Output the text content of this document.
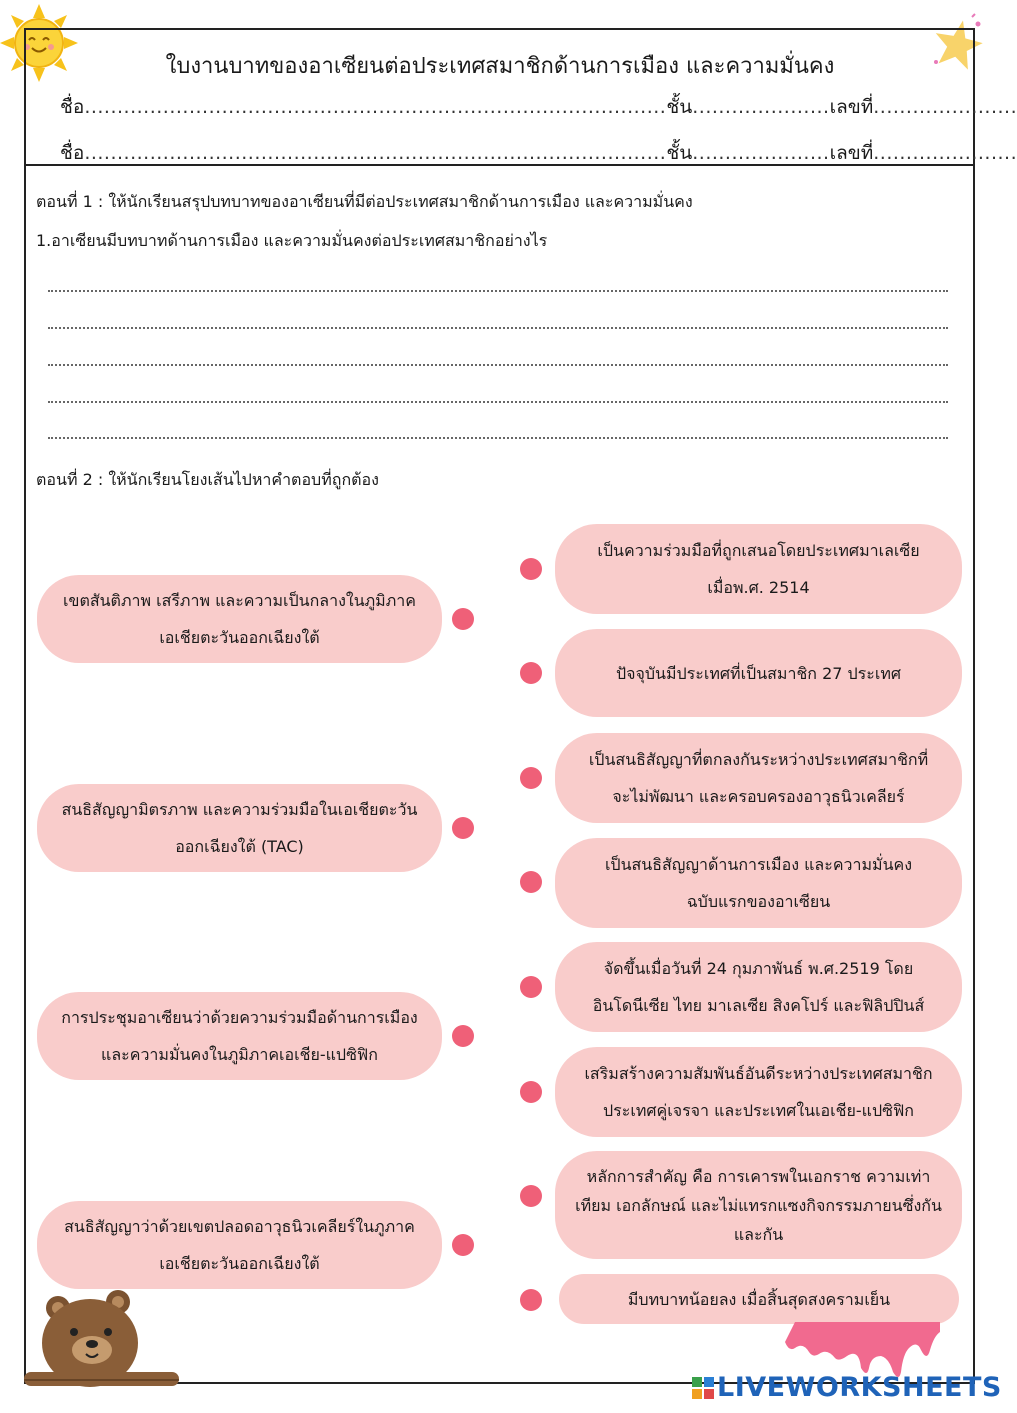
ใบงานบาทของอาเซียนต่อประเทศสมาชิกด้านการเมือง และความมั่นคง
ชื่อ.........................................................................................ชั้น.....................เลขที่......................
ชื่อ.........................................................................................ชั้น.....................เลขที่......................
ตอนที่ 1 : ให้นักเรียนสรุปบทบาทของอาเซียนที่มีต่อประเทศสมาชิกด้านการเมือง และความมั่นคง
1.อาเซียนมีบทบาทด้านการเมือง และความมั่นคงต่อประเทศสมาชิกอย่างไร
ตอนที่ 2 : ให้นักเรียนโยงเส้นไปหาคำตอบที่ถูกต้อง
เขตสันติภาพ เสรีภาพ และความเป็นกลางในภูมิภาค
เอเชียตะวันออกเฉียงใต้
สนธิสัญญามิตรภาพ และความร่วมมือในเอเชียตะวัน
ออกเฉียงใต้ (TAC)
การประชุมอาเซียนว่าด้วยความร่วมมือด้านการเมือง
และความมั่นคงในภูมิภาคเอเชีย-แปซิฟิก
สนธิสัญญาว่าด้วยเขตปลอดอาวุธนิวเคลียร์ในภูภาค
เอเชียตะวันออกเฉียงใต้
เป็นความร่วมมือที่ถูกเสนอโดยประเทศมาเลเซีย
เมื่อพ.ศ. 2514
ปัจจุบันมีประเทศที่เป็นสมาชิก 27 ประเทศ
เป็นสนธิสัญญาที่ตกลงกันระหว่างประเทศสมาชิกที่
จะไม่พัฒนา และครอบครองอาวุธนิวเคลียร์
เป็นสนธิสัญญาด้านการเมือง และความมั่นคง
ฉบับแรกของอาเซียน
จัดขึ้นเมื่อวันที่ 24 กุมภาพันธ์ พ.ศ.2519 โดย
อินโดนีเซีย ไทย มาเลเซีย สิงคโปร์ และฟิลิปปินส์
เสริมสร้างความสัมพันธ์อันดีระหว่างประเทศสมาชิก
ประเทศคู่เจรจา และประเทศในเอเชีย-แปซิฟิก
หลักการสำคัญ คือ การเคารพในเอกราช ความเท่า
เทียม เอกลักษณ์ และไม่แทรกแซงกิจกรรมภายนซึ่งกัน
และกัน
มีบทบาทน้อยลง เมื่อสิ้นสุดสงครามเย็น
LIVEWORKSHEETS
